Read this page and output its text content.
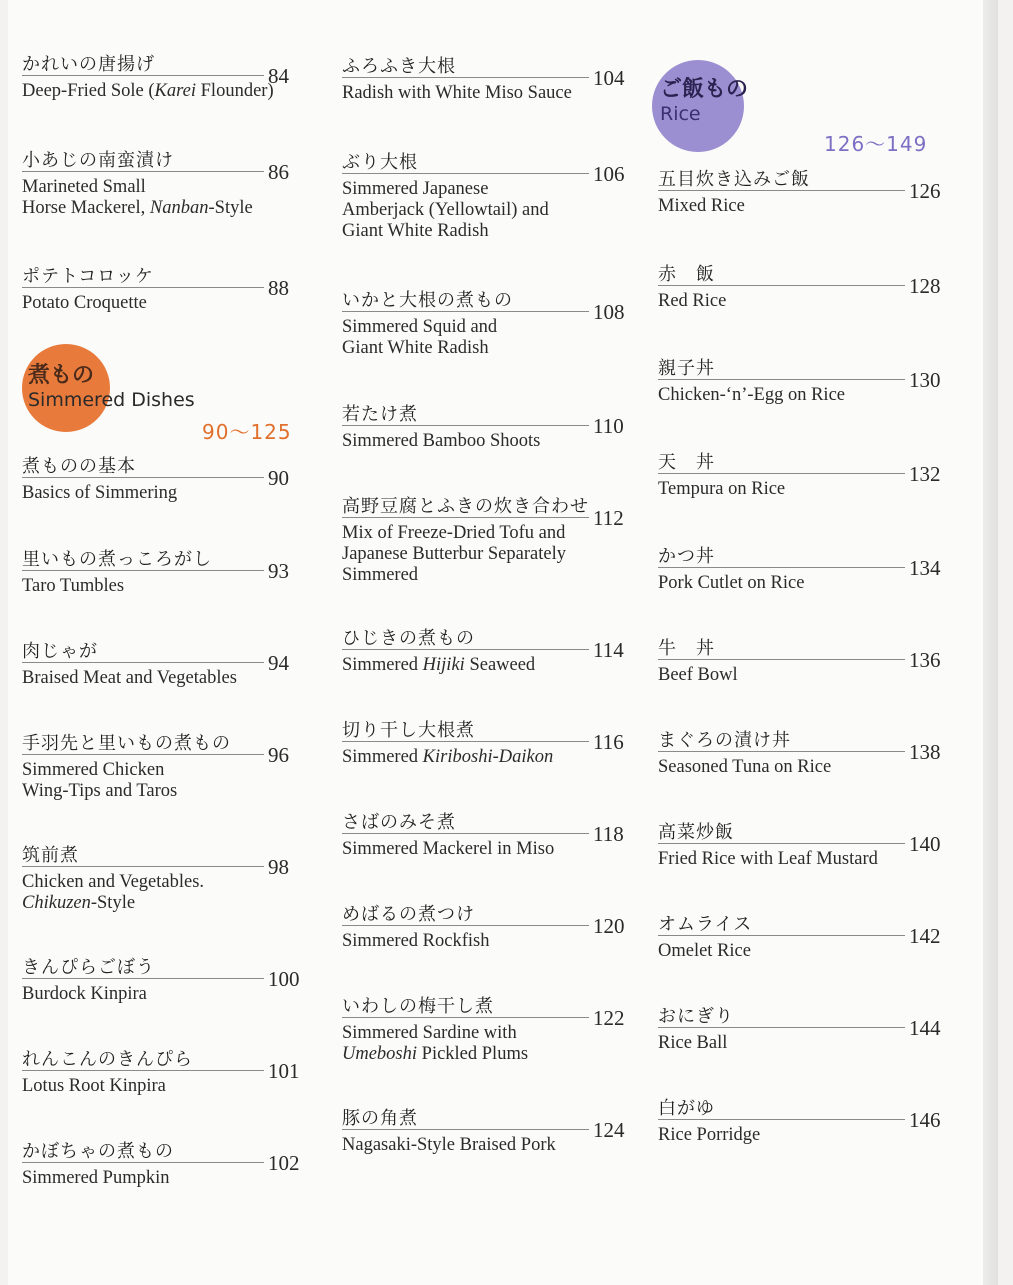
煮もの
Simmered Dishes
90〜125
ご飯もの
Rice
126〜149
かれいの唐揚げ	84
Deep-Fried Sole (Karei Flounder)
小あじの南蛮漬け	86
Marineted Small
Horse Mackerel, Nanban-Style
ポテトコロッケ	88
Potato Croquette
煮ものの基本	90
Basics of Simmering
里いもの煮っころがし	93
Taro Tumbles
肉じゃが	94
Braised Meat and Vegetables
手羽先と里いもの煮もの 96
Simmered Chicken
Wing-Tips and Taros
筑前煮	98
Chicken and Vegetables.
Chikuzen-Style
きんぴらごぼう	100
Burdock Kinpira
れんこんのきんぴら	101
Lotus Root Kinpira
かぼちゃの煮もの	102
Simmered Pumpkin
ふろふき大根	104
Radish with White Miso Sauce
ぶり大根	106
Simmered Japanese
Amberjack (Yellowtail) and
Giant White Radish
いかと大根の煮もの	108
Simmered Squid and
Giant White Radish
若たけ煮	110
Simmered Bamboo Shoots
高野豆腐とふきの炊き合わせ 112
Mix of Freeze-Dried Tofu and
Japanese Butterbur Separately
Simmered
ひじきの煮もの	114
Simmered Hijiki Seaweed
切り干し大根煮	116
Simmered Kiriboshi-Daikon
さばのみそ煮	118
Simmered Mackerel in Miso
めばるの煮つけ	120
Simmered Rockfish
いわしの梅干し煮	122
Simmered Sardine with
Umeboshi Pickled Plums
豚の角煮	124
Nagasaki-Style Braised Pork
五目炊き込みご飯	126
Mixed Rice
赤　飯	128
Red Rice
親子丼	130
Chicken-‘n’-Egg on Rice
天　丼	132
Tempura on Rice
かつ丼	134
Pork Cutlet on Rice
牛　丼	136
Beef Bowl
まぐろの漬け丼	138
Seasoned Tuna on Rice
高菜炒飯	140
Fried Rice with Leaf Mustard
オムライス	142
Omelet Rice
おにぎり	144
Rice Ball
白がゆ	146
Rice Porridge
